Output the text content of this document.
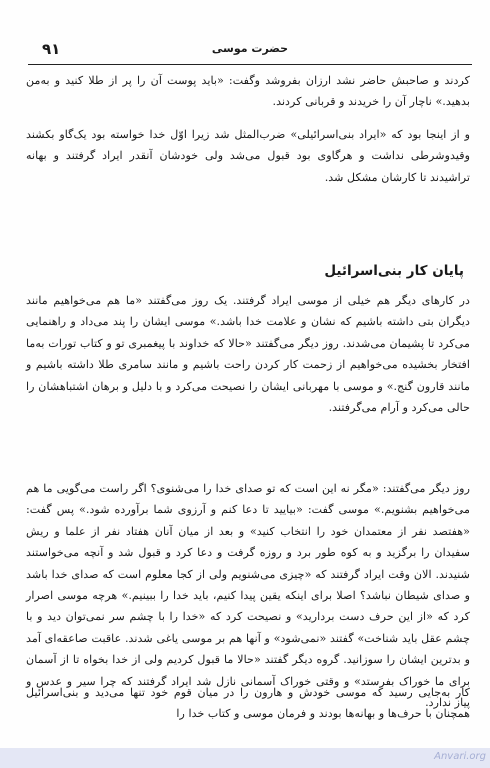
۹۱	حضرت موسی
کردند و صاحبش حاضر نشد ارزان بفروشد وگفت: «باید پوست آن را پر از طلا کنید و به‌من بدهید.» ناچار آن را خریدند و قربانی کردند.
و از اینجا بود که «ایراد بنی‌اسرائیلی» ضرب‌المثل شد زیرا اوّل خدا خواسته بود یک‌گاو بکشند وقیدوشرطی نداشت و هرگاوی بود قبول می‌شد ولی خودشان آنقدر ایراد گرفتند و بهانه تراشیدند تا کارشان مشکل شد.
پایان کار بنی‌اسرائیل
در کارهای دیگر هم خیلی از موسی ایراد گرفتند. یک روز می‌گفتند «ما هم می‌خواهیم مانند دیگران بتی داشته باشیم که نشان و علامت خدا باشد.» موسی ایشان را پند می‌داد و راهنمایی می‌کرد تا پشیمان می‌شدند. روز دیگر می‌گفتند «حالا که خداوند با پیغمبری تو و کتاب تورات به‌ما افتخار بخشیده می‌خواهیم از زحمت کار کردن راحت باشیم و مانند سامری طلا داشته باشیم و مانند قارون گنج.» و موسی با مهربانی ایشان را نصیحت می‌کرد و با دلیل و برهان اشتباهشان را حالی می‌کرد و آرام می‌گرفتند.
روز دیگر می‌گفتند: «مگر نه این است که تو صدای خدا را می‌شنوی؟ اگر راست می‌گویی ما هم می‌خواهیم بشنویم.» موسی گفت: «بیایید تا دعا کنم و آرزوی شما برآورده شود.» پس گفت: «هفتصد نفر از معتمدان خود را انتخاب کنید» و بعد از میان آنان هفتاد نفر از علما و ریش سفیدان را برگزید و به کوه طور برد و روزه گرفت و دعا کرد و قبول شد و آنچه می‌خواستند شنیدند. الان وقت ایراد گرفتند که «چیزی می‌شنویم ولی از کجا معلوم است که صدای خدا باشد و صدای شیطان نباشد؟ اصلا برای اینکه یقین پیدا کنیم، باید خدا را ببینیم.» هرچه موسی اصرار کرد که «از این حرف دست بردارید» و نصیحت کرد که «خدا را با چشم سر نمی‌توان دید و با چشم عقل باید شناخت» گفتند «نمی‌شود» و آنها هم بر موسی یاغی شدند. عاقبت صاعقه‌ای آمد و بدترین ایشان را سوزانید. گروه دیگر گفتند «حالا ما قبول کردیم ولی از خدا بخواه تا از آسمان برای ما خوراک بفرستد» و وقتی خوراک آسمانی نازل شد ایراد گرفتند که چرا سیر و عدس و پیاز ندارد.
کار به‌جایی رسید که موسی خودش و هارون را در میان قوم خود تنها می‌دید و بنی‌اسرائیل همچنان با حرف‌ها و بهانه‌ها بودند و فرمان موسی و کتاب خدا را
Anvari.org
